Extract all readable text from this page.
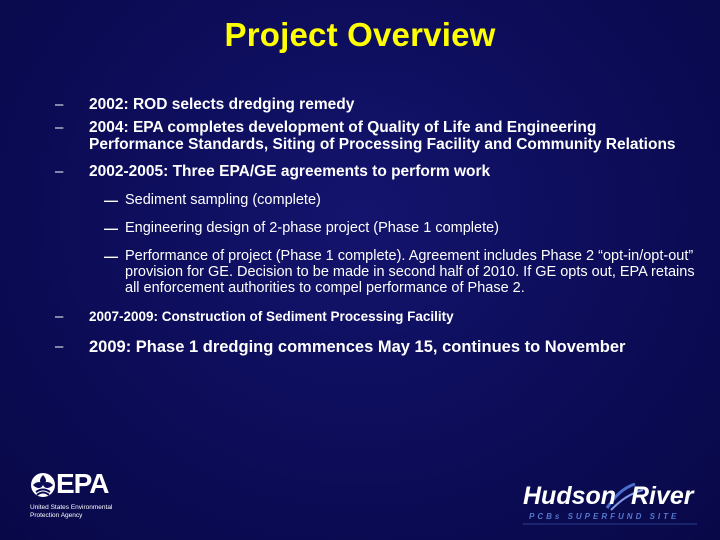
Project Overview
– 2002: ROD selects dredging remedy
– 2004: EPA completes development of Quality of Life and Engineering Performance Standards, Siting of Processing Facility and Community Relations
– 2002-2005: Three EPA/GE agreements to perform work
— Sediment sampling (complete)
— Engineering design of 2-phase project (Phase 1 complete)
— Performance of project (Phase 1 complete). Agreement includes Phase 2 “opt-in/opt-out” provision for GE. Decision to be made in second half of 2010. If GE opts out, EPA retains all enforcement authorities to compel performance of Phase 2.
– 2007-2009: Construction of Sediment Processing Facility
– 2009: Phase 1 dredging commences May 15, continues to November
EPA
United States Environmental Protection Agency
Hudson River
PCBs SUPERFUND SITE
